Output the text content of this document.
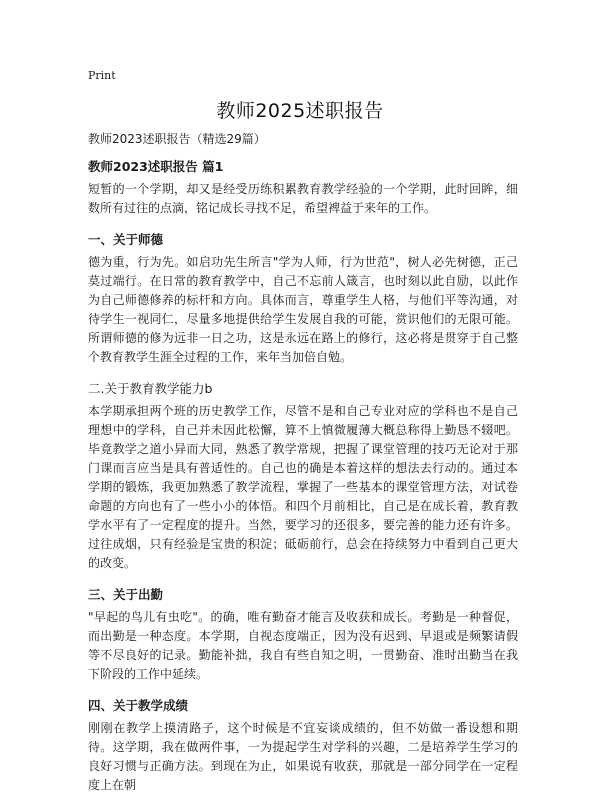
Print
教师2025述职报告

教师2023述职报告（精选29篇）

教师2023述职报告 篇1

短暂的一个学期，却又是经受历练积累教育教学经验的一个学期，此时回眸，细数所有过往的点滴，铭记成长寻找不足，希望裨益于来年的工作。

一、关于师德

德为重，行为先。如启功先生所言"学为人师，行为世范"，树人必先树德，正己莫过端行。在日常的教育教学中，自己不忘前人箴言，也时刻以此自励，以此作为自己师德修养的标杆和方向。具体而言，尊重学生人格，与他们平等沟通，对待学生一视同仁，尽量多地提供给学生发展自我的可能，赏识他们的无限可能。所谓师德的修为远非一日之功，这是永远在路上的修行，这必将是贯穿于自己整个教育教学生涯全过程的工作，来年当加倍自勉。

二.关于教育教学能力b

本学期承担两个班的历史教学工作，尽管不是和自己专业对应的学科也不是自己理想中的学科，自己并未因此松懈，算不上慎微履薄大概总称得上勤恳不辍吧。毕竟教学之道小异而大同，熟悉了教学常规，把握了课堂管理的技巧无论对于那门课而言应当是具有普适性的。自己也的确是本着这样的想法去行动的。通过本学期的锻炼，我更加熟悉了教学流程，掌握了一些基本的课堂管理方法，对试卷命题的方向也有了一些小小的体悟。和四个月前相比，自己是在成长着，教育教学水平有了一定程度的提升。当然，要学习的还很多，要完善的能力还有许多。过往成烟，只有经验是宝贵的积淀；砥砺前行，总会在持续努力中看到自己更大的改变。

三、关于出勤

"早起的鸟儿有虫吃"。的确，唯有勤奋才能言及收获和成长。考勤是一种督促，而出勤是一种态度。本学期，自视态度端正，因为没有迟到、早退或是频繁请假等不尽良好的记录。勤能补拙，我自有些自知之明，一贯勤奋、准时出勤当在我下阶段的工作中延续。

四、关于教学成绩

刚刚在教学上摸清路子，这个时候是不宜妄谈成绩的，但不妨做一番设想和期待。这学期，我在做两件事，一为提起学生对学科的兴趣，二是培养学生学习的良好习惯与正确方法。到现在为止，如果说有收获，那就是一部分同学在一定程度上在朝
